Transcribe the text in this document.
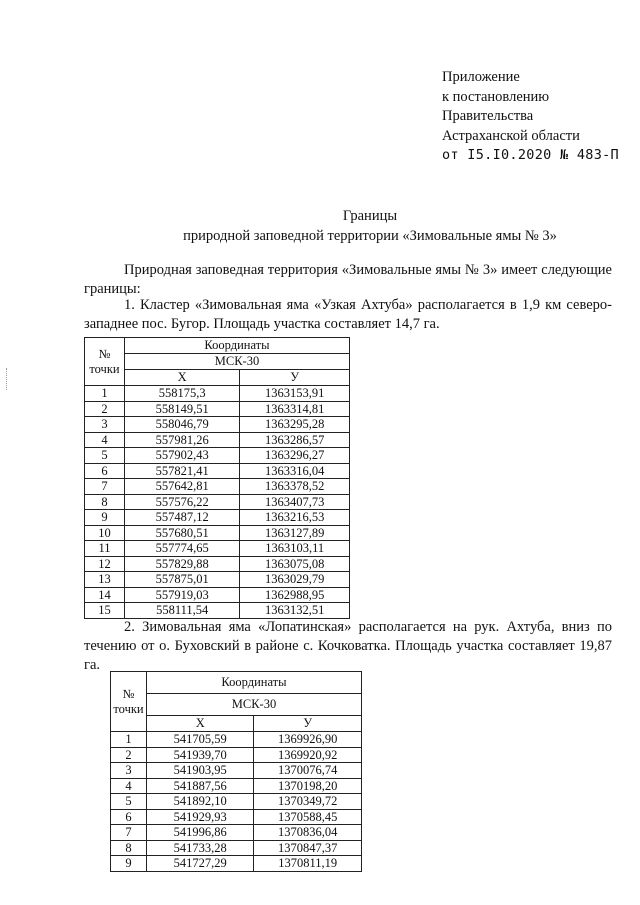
Приложение
к постановлению
Правительства
Астраханской области
от I5.I0.2020 № 483-П
Границы
природной заповедной территории «Зимовальные ямы № 3»
Природная заповедная территория «Зимовальные ямы № 3» имеет следующие границы:
1. Кластер «Зимовальная яма «Узкая Ахтуба» располагается в 1,9 км северо-западнее пос. Бугор. Площадь участка составляет 14,7 га.
№ точки	Координаты	
	МСК-30	
	X	У
1	558175,3	1363153,91
2	558149,51	1363314,81
3	558046,79	1363295,28
4	557981,26	1363286,57
5	557902,43	1363296,27
6	557821,41	1363316,04
7	557642,81	1363378,52
8	557576,22	1363407,73
9	557487,12	1363216,53
10	557680,51	1363127,89
11	557774,65	1363103,11
12	557829,88	1363075,08
13	557875,01	1363029,79
14	557919,03	1362988,95
15	558111,54	1363132,51
2. Зимовальная яма «Лопатинская» располагается на рук. Ахтуба, вниз по течению от о. Буховский в районе с. Кочковатка. Площадь участка составляет 19,87 га.
№ точки	Координаты	
	МСК-30	
	X	У
1	541705,59	1369926,90
2	541939,70	1369920,92
3	541903,95	1370076,74
4	541887,56	1370198,20
5	541892,10	1370349,72
6	541929,93	1370588,45
7	541996,86	1370836,04
8	541733,28	1370847,37
9	541727,29	1370811,19
